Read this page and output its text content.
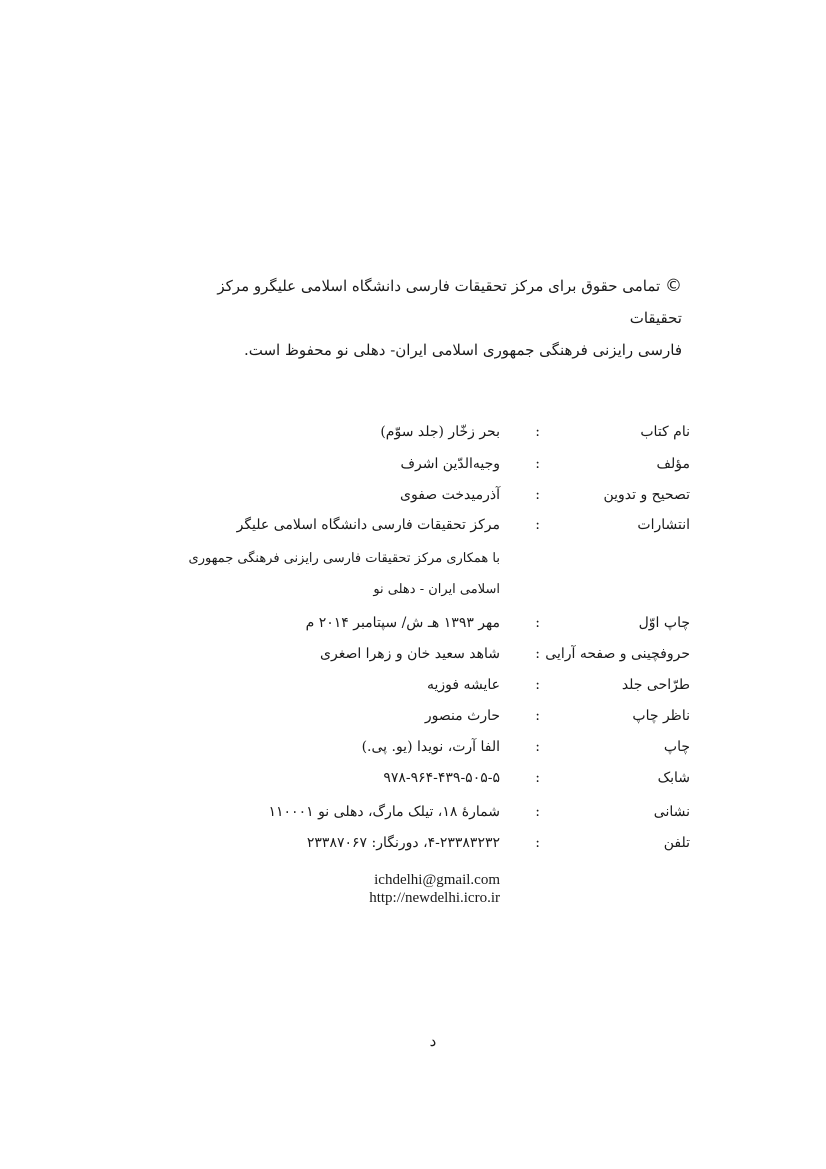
© تمامی حقوق برای مرکز تحقیقات فارسی دانشگاه اسلامی علیگرو مرکز تحقیقات
فارسی رایزنی فرهنگی جمهوری اسلامی ایران- دهلی نو محفوظ است.
نام کتاب
:
بحر زخّار (جلد سوّم)
مؤلف
:
وجیه‌الدّین اشرف
تصحیح و تدوین
:
آذرمیدخت صفوی
انتشارات
:
مرکز تحقیقات فارسی دانشگاه اسلامی علیگر
با همکاری مرکز تحقیقات فارسی رایزنی فرهنگی جمهوری
اسلامی ایران - دهلی نو
چاپ اوّل
:
مهر ۱۳۹۳ هـ ش/ سپتامبر ۲۰۱۴ م
حروفچینی و صفحه آرایی
:
شاهد سعید خان و زهرا اصغری
طرّاحی جلد
:
عایشه فوزیه
ناظر چاپ
:
حارث منصور
چاپ
:
الفا آرت، نویدا (یو. پی.)
شابک
:
۹۷۸-۹۶۴-۴۳۹-۵۰۵-۵
نشانی
:
شمارهٔ ۱۸، تیلک مارگ، دهلی نو ۱۱۰۰۰۱
تلفن
:
۴-۲۳۳۸۳۲۳۲، دورنگار: ۲۳۳۸۷۰۶۷
ichdelhi@gmail.com
http://newdelhi.icro.ir
د
